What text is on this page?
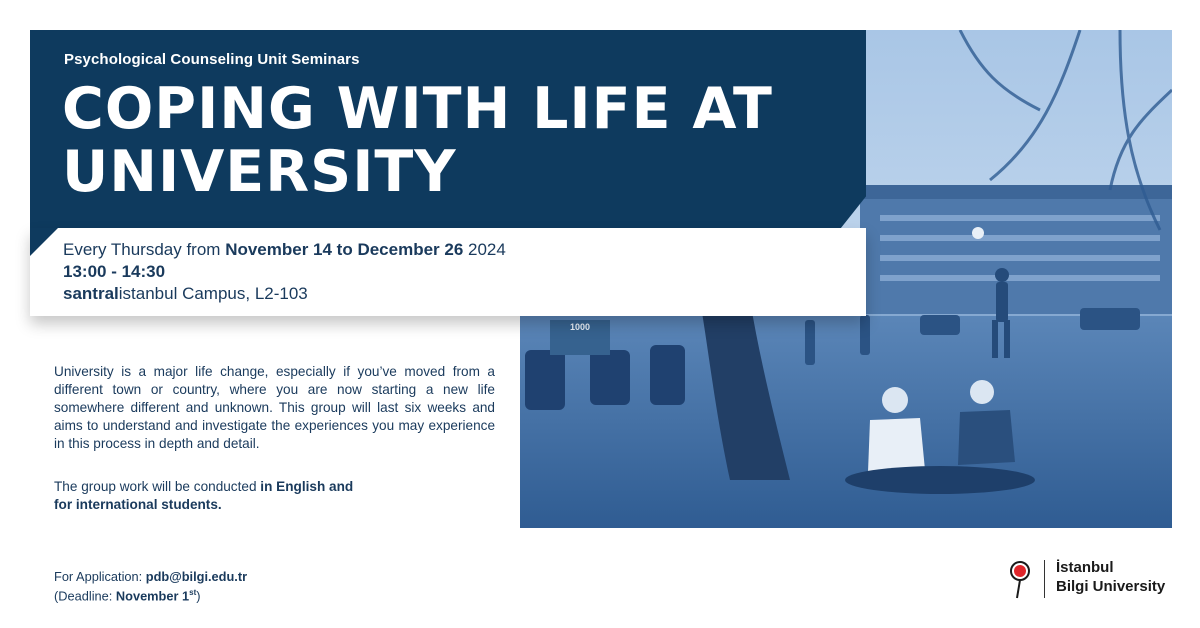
1000
Psychological Counseling Unit Seminars
COPING WITH LIFE AT
UNIVERSITY
Every Thursday from November 14 to December 26 2024
13:00 - 14:30
santralistanbul Campus, L2-103
University is a major life change, especially if you’ve moved from a different town or country, where you are now starting a new life somewhere different and unknown. This group will last six weeks and aims to understand and investigate the experiences you may experience in this process in depth and detail.
The group work will be conducted in English and
for international students.
For Application: pdb@bilgi.edu.tr
(Deadline: November 1st)
İstanbul
Bilgi University
